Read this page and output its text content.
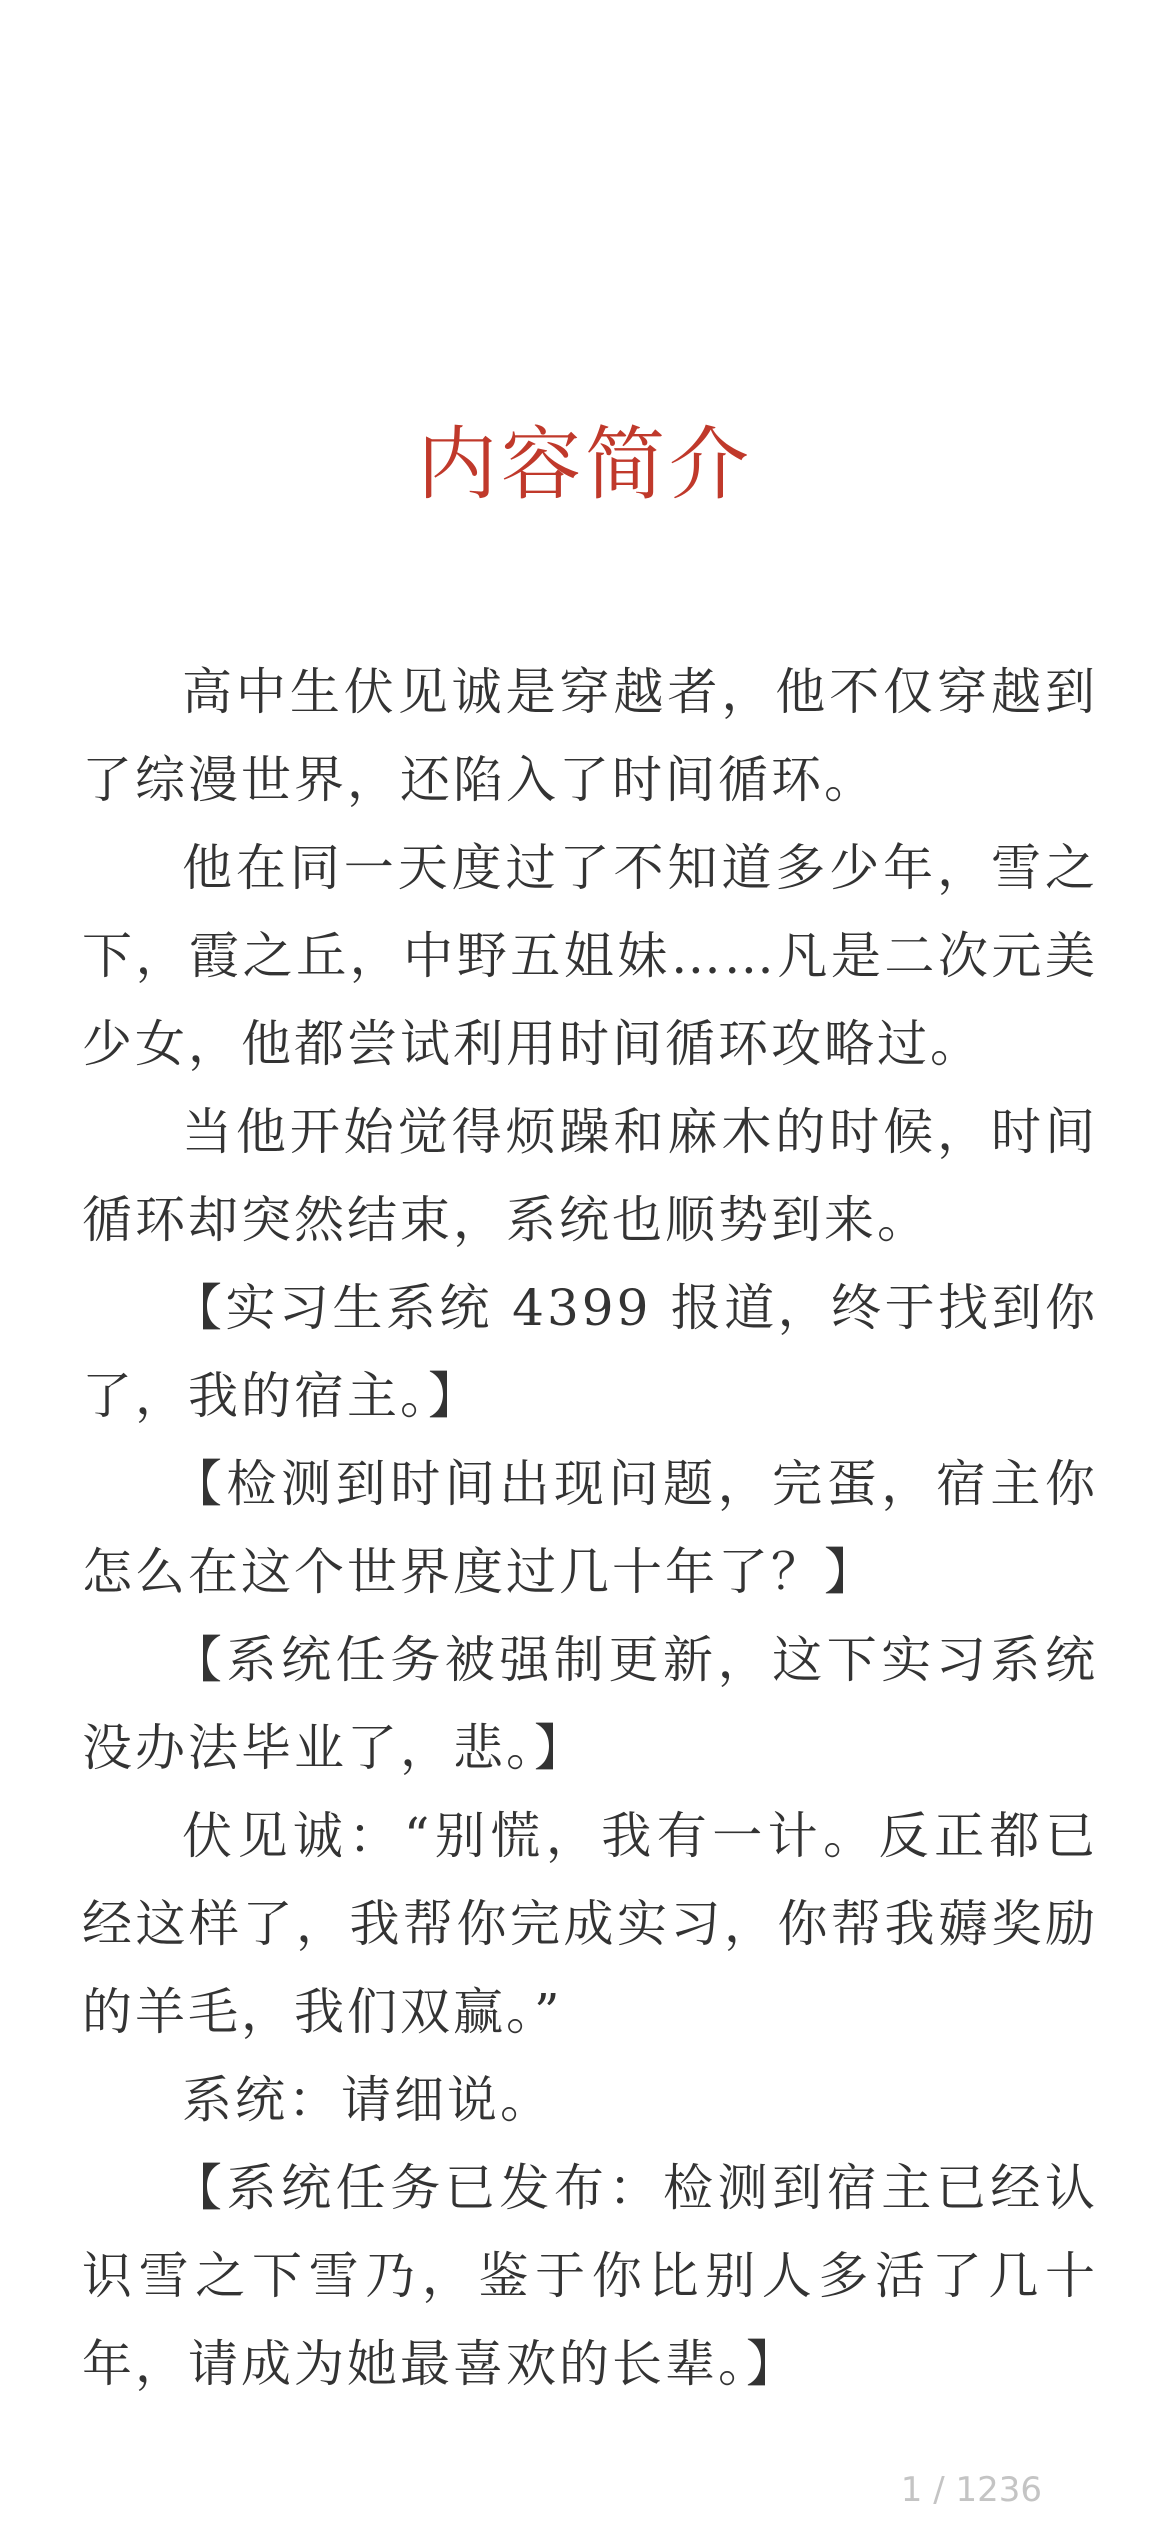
内容简介

高中生伏见诚是穿越者，他不仅穿越到了综漫世界，还陷入了时间循环。

他在同一天度过了不知道多少年，雪之下，霞之丘，中野五姐妹……凡是二次元美少女，他都尝试利用时间循环攻略过。

当他开始觉得烦躁和麻木的时候，时间循环却突然结束，系统也顺势到来。

【实习生系统 4399 报道，终于找到你了，我的宿主。】

【检测到时间出现问题，完蛋，宿主你怎么在这个世界度过几十年了？】

【系统任务被强制更新，这下实习系统没办法毕业了，悲。】

伏见诚：“别慌，我有一计。反正都已经这样了，我帮你完成实习，你帮我薅奖励的羊毛，我们双赢。”

系统：请细说。

【系统任务已发布：检测到宿主已经认识雪之下雪乃，鉴于你比别人多活了几十年，请成为她最喜欢的长辈。】

1 / 1236
